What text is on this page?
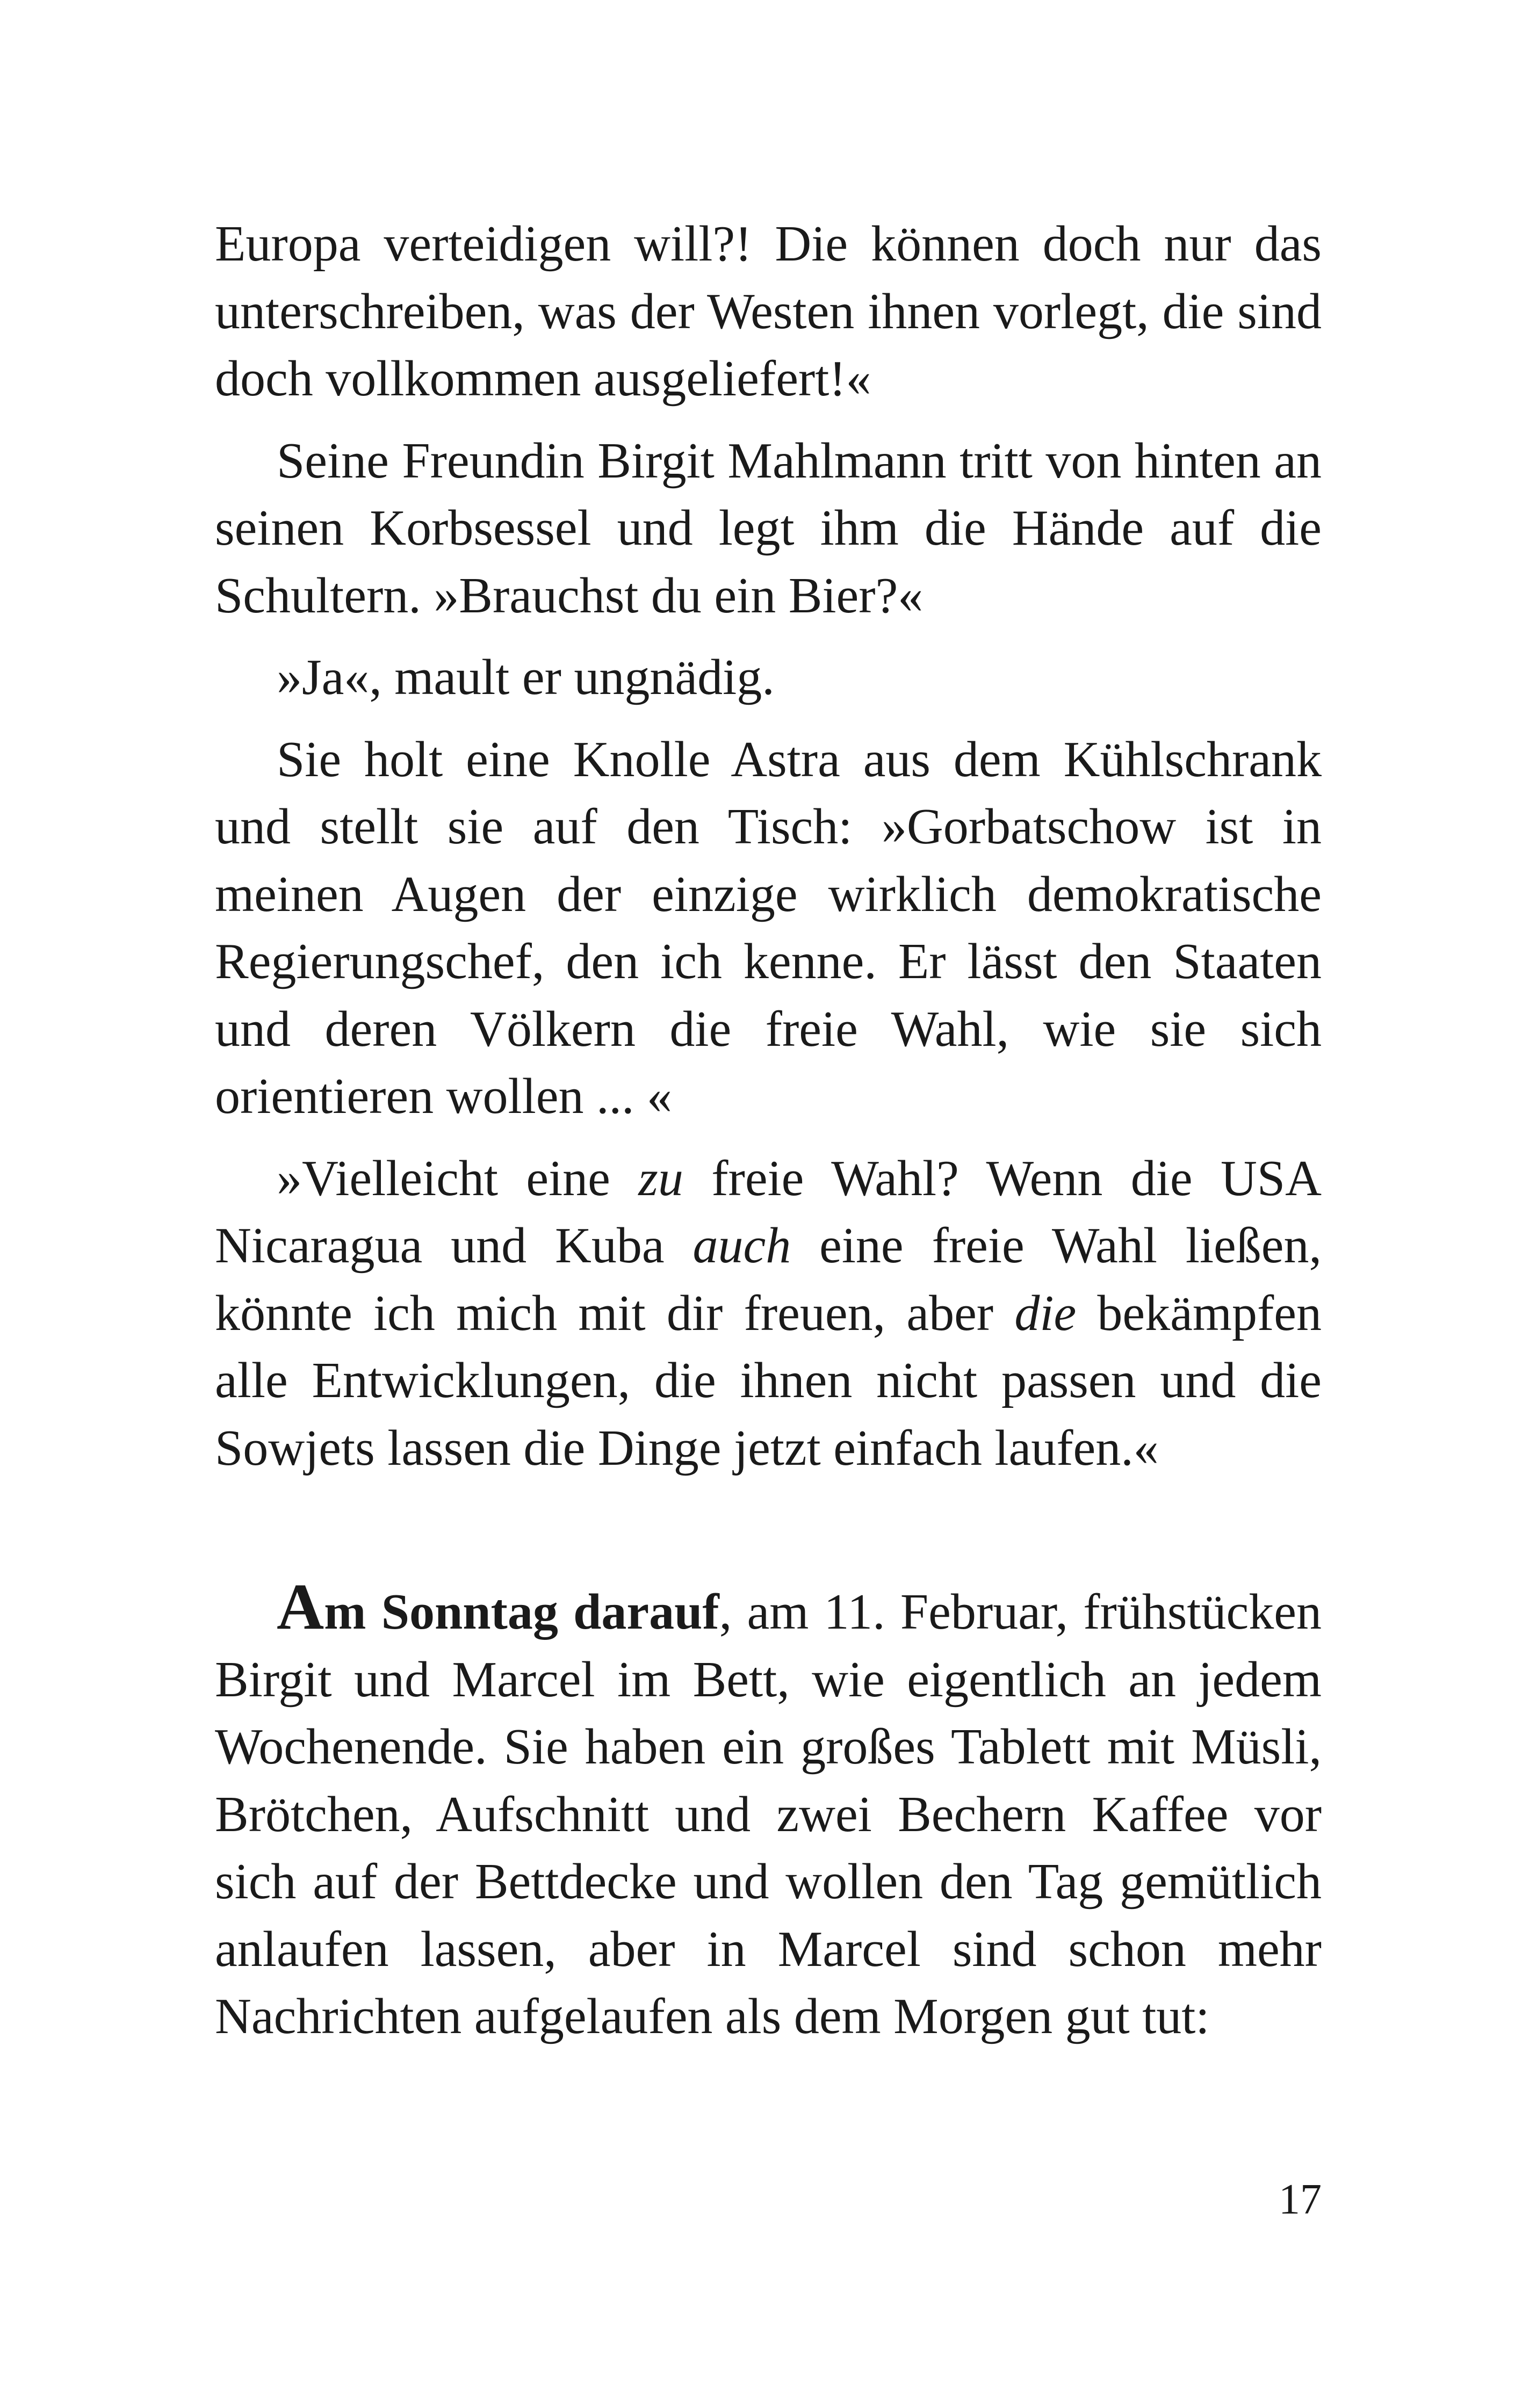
Europa verteidigen will?! Die können doch nur das unterschreiben, was der Westen ihnen vorlegt, die sind doch vollkommen ausgeliefert!«

Seine Freundin Birgit Mahlmann tritt von hinten an seinen Korbsessel und legt ihm die Hände auf die Schultern. »Brauchst du ein Bier?«

»Ja«, mault er ungnädig.

Sie holt eine Knolle Astra aus dem Kühlschrank und stellt sie auf den Tisch: »Gorbatschow ist in meinen Augen der einzige wirklich demokratische Regierungschef, den ich kenne. Er lässt den Staaten und deren Völkern die freie Wahl, wie sie sich orientieren wollen ... «

»Vielleicht eine zu freie Wahl? Wenn die USA Nicaragua und Kuba auch eine freie Wahl ließen, könnte ich mich mit dir freuen, aber die bekämpfen alle Entwicklungen, die ihnen nicht passen und die Sowjets lassen die Dinge jetzt einfach laufen.«

Am Sonntag darauf, am 11. Februar, frühstücken Birgit und Marcel im Bett, wie eigentlich an jedem Wochenende. Sie haben ein großes Tablett mit Müsli, Brötchen, Aufschnitt und zwei Bechern Kaffee vor sich auf der Bettdecke und wollen den Tag gemütlich anlaufen lassen, aber in Marcel sind schon mehr Nachrichten aufgelaufen als dem Morgen gut tut:

17
